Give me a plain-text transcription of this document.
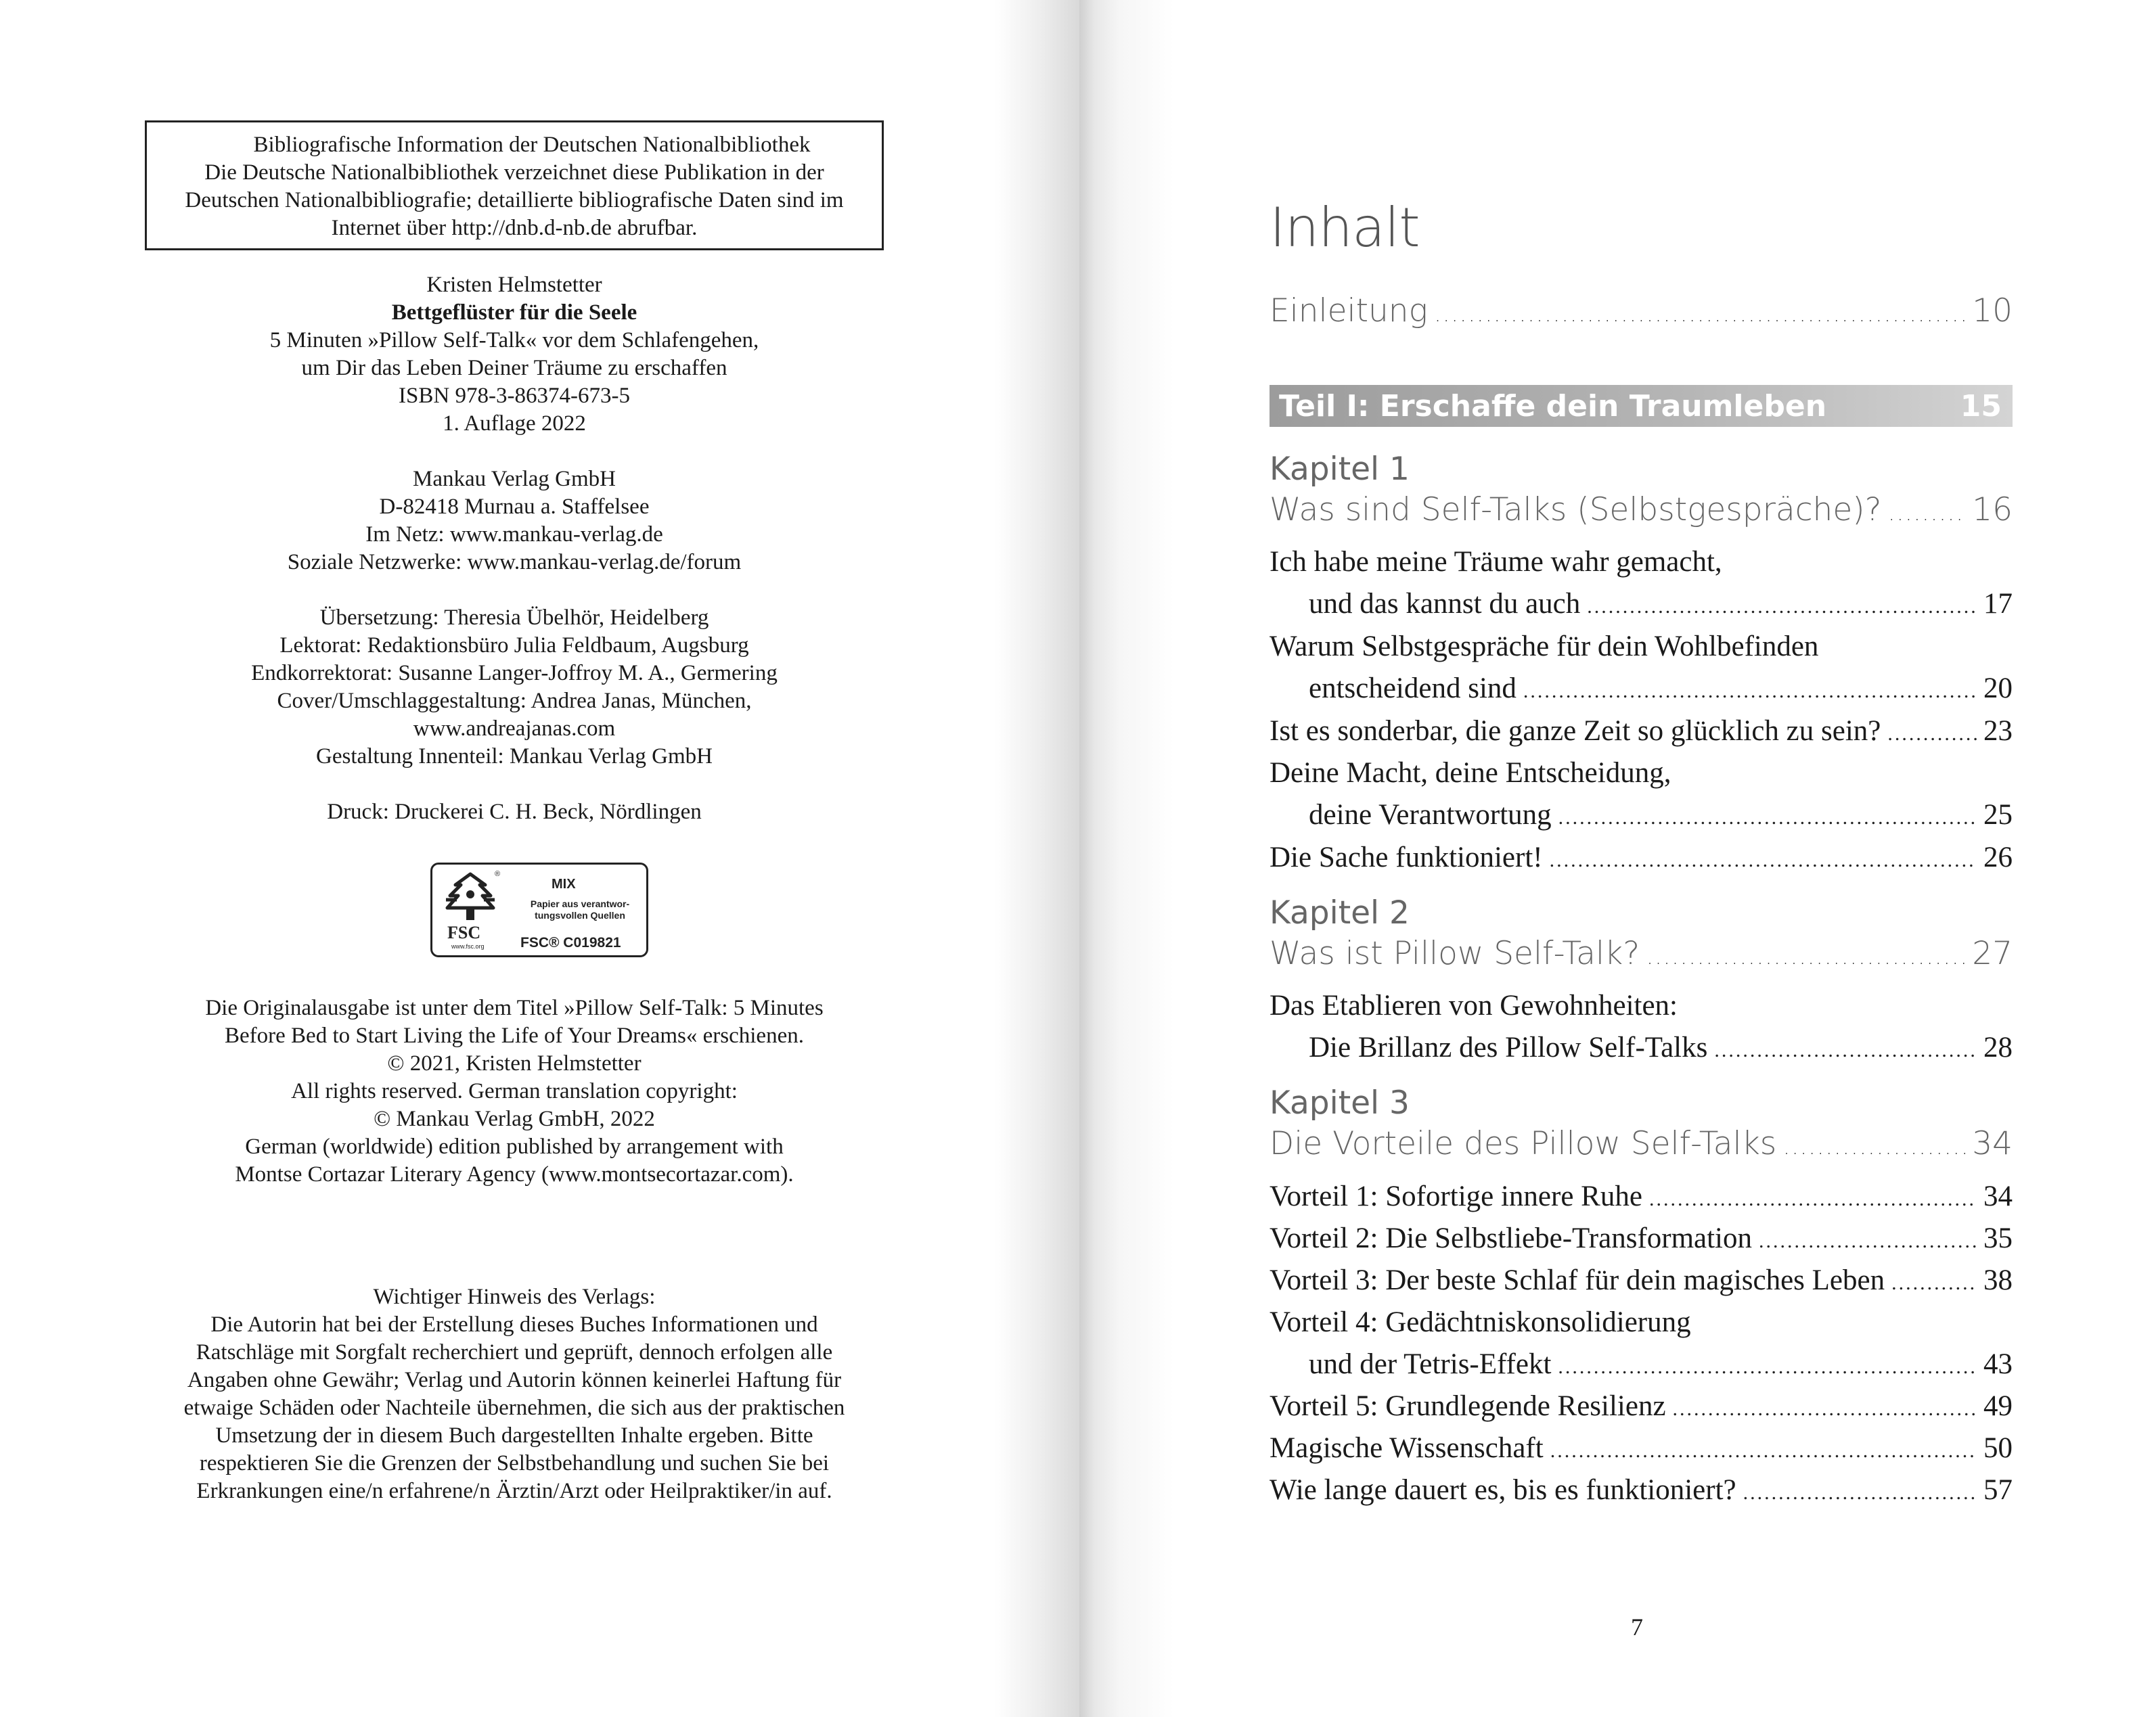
Bibliografische Information der Deutschen Nationalbibliothek
Die Deutsche Nationalbibliothek verzeichnet diese Publikation in der
Deutschen Nationalbibliografie; detaillierte bibliografische Daten sind im
Internet über http://dnb.d-nb.de abrufbar.
Kristen Helmstetter
Bettgeflüster für die Seele
5 Minuten »Pillow Self-Talk« vor dem Schlafengehen,
um Dir das Leben Deiner Träume zu erschaffen
ISBN 978-3-86374-673-5
1. Auflage 2022
Mankau Verlag GmbH
D-82418 Murnau a. Staffelsee
Im Netz: www.mankau-verlag.de
Soziale Netzwerke: www.mankau-verlag.de/forum
Übersetzung: Theresia Übelhör, Heidelberg
Lektorat: Redaktionsbüro Julia Feldbaum, Augsburg
Endkorrektorat: Susanne Langer-Joffroy M. A., Germering
Cover/Umschlaggestaltung: Andrea Janas, München,
www.andreajanas.com
Gestaltung Innenteil: Mankau Verlag GmbH
Druck: Druckerei C. H. Beck, Nördlingen
®
FSC
www.fsc.org
MIX
Papier aus verantwor-
tungsvollen Quellen
FSC® C019821
Die Originalausgabe ist unter dem Titel »Pillow Self-Talk: 5 Minutes
Before Bed to Start Living the Life of Your Dreams« erschienen.
© 2021, Kristen Helmstetter
All rights reserved. German translation copyright:
© Mankau Verlag GmbH, 2022
German (worldwide) edition published by arrangement with
Montse Cortazar Literary Agency (www.montsecortazar.com).
Wichtiger Hinweis des Verlags:
Die Autorin hat bei der Erstellung dieses Buches Informationen und
Ratschläge mit Sorgfalt recherchiert und geprüft, dennoch erfolgen alle
Angaben ohne Gewähr; Verlag und Autorin können keinerlei Haftung für
etwaige Schäden oder Nachteile übernehmen, die sich aus der praktischen
Umsetzung der in diesem Buch dargestellten Inhalte ergeben. Bitte
respektieren Sie die Grenzen der Selbstbehandlung und suchen Sie bei
Erkrankungen eine/n erfahrene/n Ärztin/Arzt oder Heilpraktiker/in auf.
Inhalt
Einleitung .....	10
Teil I: Erschaffe dein Traumleben	15
Kapitel 1
Was sind Self-Talks (Selbstgespräche)? .....	16
Ich habe meine Träume wahr gemacht,
und das kannst du auch .....	17
Warum Selbstgespräche für dein Wohlbefinden
entscheidend sind .....	20
Ist es sonderbar, die ganze Zeit so glücklich zu sein? .....	23
Deine Macht, deine Entscheidung,
deine Verantwortung .....	25
Die Sache funktioniert! .....	26
Kapitel 2
Was ist Pillow Self-Talk? .....	27
Das Etablieren von Gewohnheiten:
Die Brillanz des Pillow Self-Talks .....	28
Kapitel 3
Die Vorteile des Pillow Self-Talks .....	34
Vorteil 1: Sofortige innere Ruhe .....	34
Vorteil 2: Die Selbstliebe-Transformation .....	35
Vorteil 3: Der beste Schlaf für dein magisches Leben .....	38
Vorteil 4: Gedächtniskonsolidierung
und der Tetris-Effekt .....	43
Vorteil 5: Grundlegende Resilienz .....	49
Magische Wissenschaft .....	50
Wie lange dauert es, bis es funktioniert? .....	57
7
